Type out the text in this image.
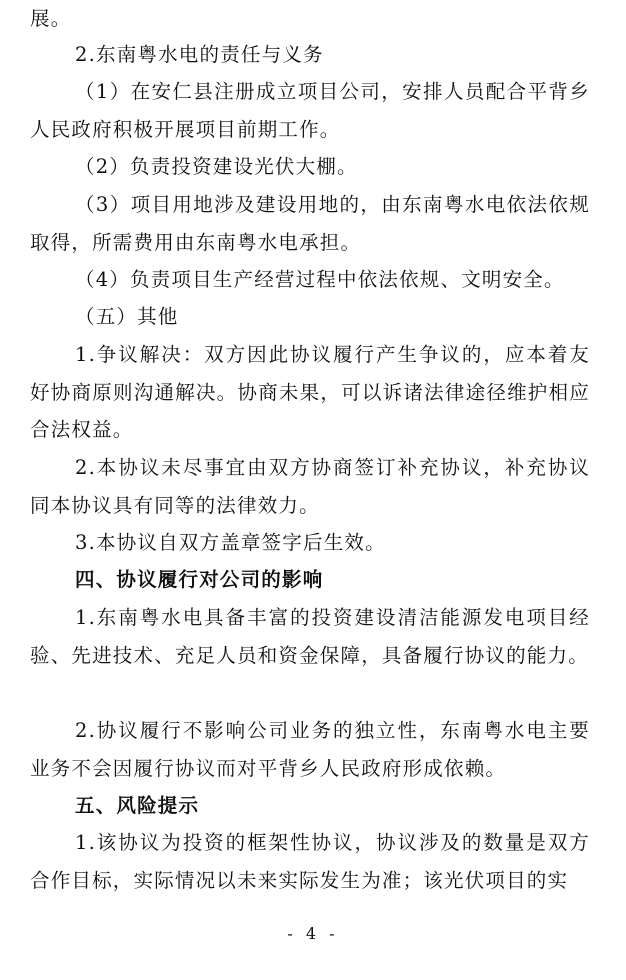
展。

2.东南粤水电的责任与义务

（1）在安仁县注册成立项目公司，安排人员配合平背乡人民政府积极开展项目前期工作。

（2）负责投资建设光伏大棚。

（3）项目用地涉及建设用地的，由东南粤水电依法依规取得，所需费用由东南粤水电承担。

（4）负责项目生产经营过程中依法依规、文明安全。

（五）其他

1.争议解决：双方因此协议履行产生争议的，应本着友好协商原则沟通解决。协商未果，可以诉诸法律途径维护相应合法权益。

2.本协议未尽事宜由双方协商签订补充协议，补充协议同本协议具有同等的法律效力。

3.本协议自双方盖章签字后生效。

四、协议履行对公司的影响

1.东南粤水电具备丰富的投资建设清洁能源发电项目经验、先进技术、充足人员和资金保障，具备履行协议的能力。

2.协议履行不影响公司业务的独立性，东南粤水电主要业务不会因履行协议而对平背乡人民政府形成依赖。

五、风险提示

1.该协议为投资的框架性协议，协议涉及的数量是双方合作目标，实际情况以未来实际发生为准；该光伏项目的实

- 4 -
